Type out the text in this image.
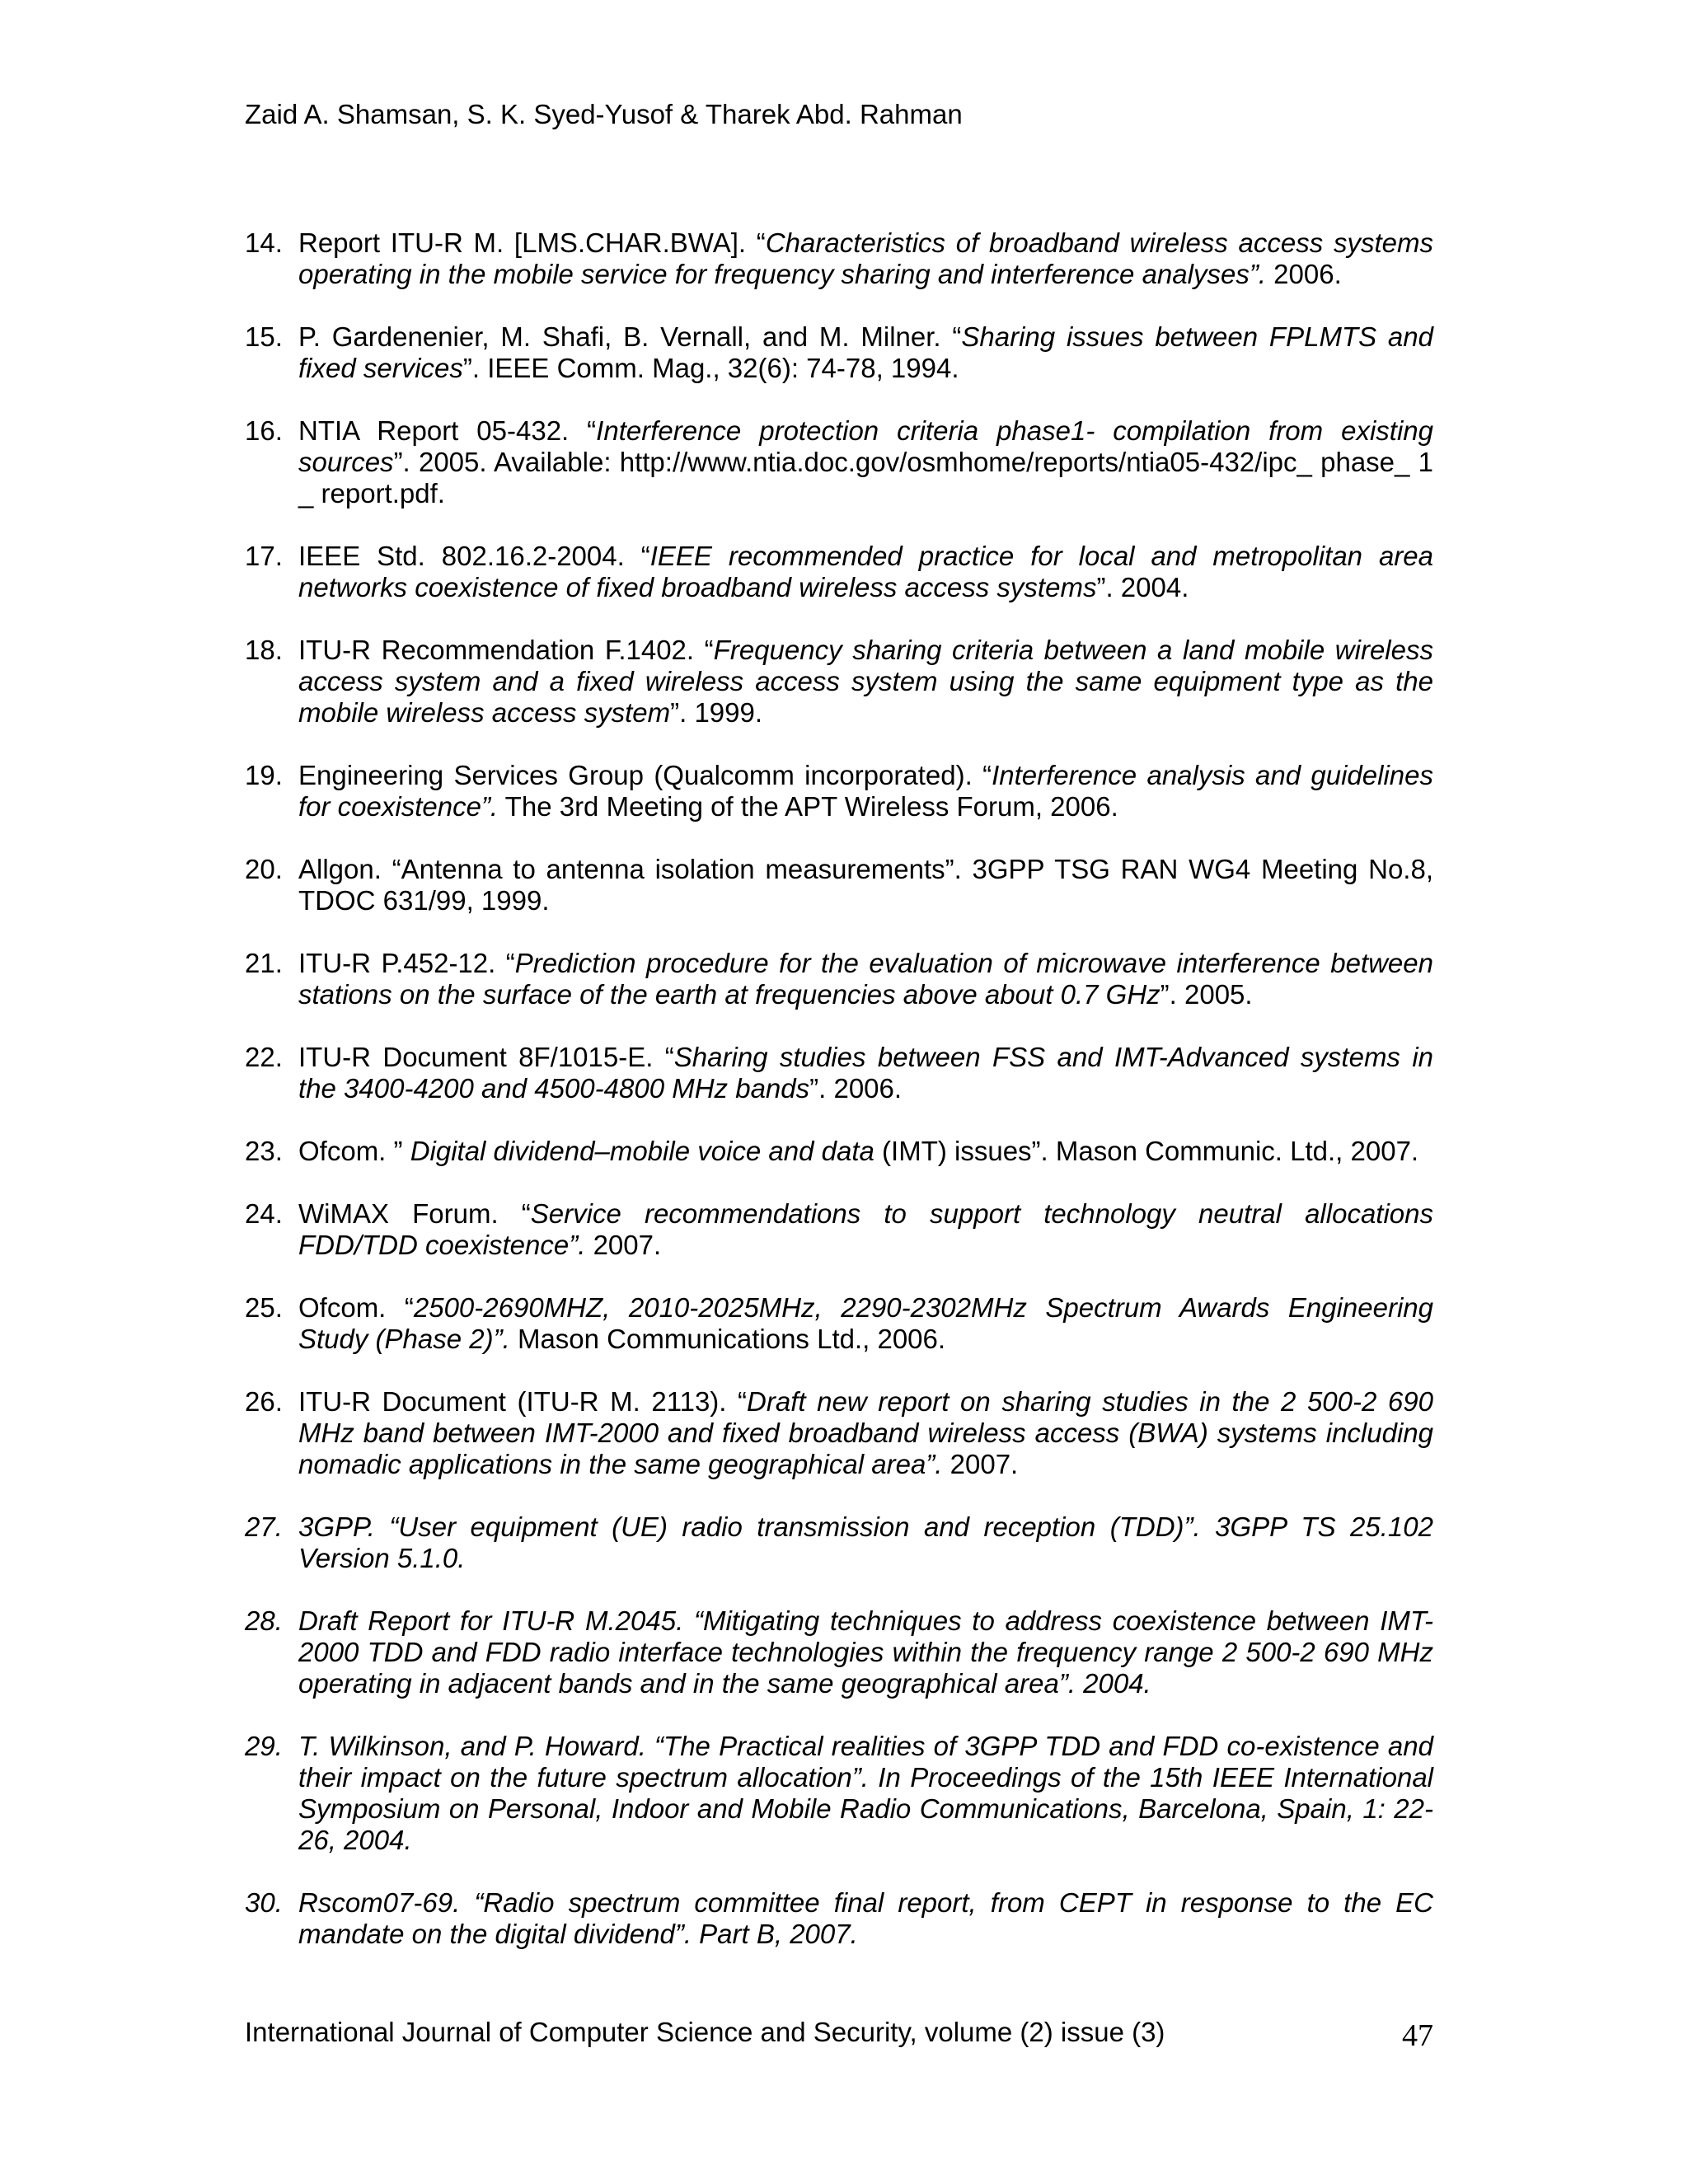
Zaid A. Shamsan, S. K. Syed-Yusof & Tharek Abd. Rahman
14. Report ITU-R M. [LMS.CHAR.BWA]. “Characteristics of broadband wireless access systems operating in the mobile service for frequency sharing and interference analyses”. 2006.
15. P. Gardenenier, M. Shafi, B. Vernall, and M. Milner. “Sharing issues between FPLMTS and fixed services”. IEEE Comm. Mag., 32(6): 74-78, 1994.
16. NTIA Report 05-432. “Interference protection criteria phase1- compilation from existing sources”. 2005. Available: http://www.ntia.doc.gov/osmhome/reports/ntia05-432/ipc_ phase_ 1 _ report.pdf.
17. IEEE Std. 802.16.2-2004. “IEEE recommended practice for local and metropolitan area networks coexistence of fixed broadband wireless access systems”. 2004.
18. ITU-R Recommendation F.1402. “Frequency sharing criteria between a land mobile wireless access system and a fixed wireless access system using the same equipment type as the mobile wireless access system”. 1999.
19. Engineering Services Group (Qualcomm incorporated). “Interference analysis and guidelines for coexistence”. The 3rd Meeting of the APT Wireless Forum, 2006.
20. Allgon. “Antenna to antenna isolation measurements”. 3GPP TSG RAN WG4 Meeting No.8, TDOC 631/99, 1999.
21. ITU-R P.452-12. “Prediction procedure for the evaluation of microwave interference between stations on the surface of the earth at frequencies above about 0.7 GHz”. 2005.
22. ITU-R Document 8F/1015-E. “Sharing studies between FSS and IMT-Advanced systems in the 3400-4200 and 4500-4800 MHz bands”. 2006.
23. Ofcom. ” Digital dividend–mobile voice and data (IMT) issues”. Mason Communic. Ltd., 2007.
24. WiMAX Forum. “Service recommendations to support technology neutral allocations FDD/TDD coexistence”. 2007.
25. Ofcom. “2500-2690MHZ, 2010-2025MHz, 2290-2302MHz Spectrum Awards Engineering Study (Phase 2)”. Mason Communications Ltd., 2006.
26. ITU-R Document (ITU-R M. 2113). “Draft new report on sharing studies in the 2 500-2 690 MHz band between IMT-2000 and fixed broadband wireless access (BWA) systems including nomadic applications in the same geographical area”. 2007.
27. 3GPP. “User equipment (UE) radio transmission and reception (TDD)”. 3GPP TS 25.102 Version 5.1.0.
28. Draft Report for ITU-R M.2045. “Mitigating techniques to address coexistence between IMT-2000 TDD and FDD radio interface technologies within the frequency range 2 500-2 690 MHz operating in adjacent bands and in the same geographical area”. 2004.
29. T. Wilkinson, and P. Howard. “The Practical realities of 3GPP TDD and FDD co-existence and their impact on the future spectrum allocation”. In Proceedings of the 15th IEEE International Symposium on Personal, Indoor and Mobile Radio Communications, Barcelona, Spain, 1: 22- 26, 2004.
30. Rscom07-69. “Radio spectrum committee final report, from CEPT in response to the EC mandate on the digital dividend”. Part B, 2007.
International Journal of Computer Science and Security, volume (2) issue (3)	47
